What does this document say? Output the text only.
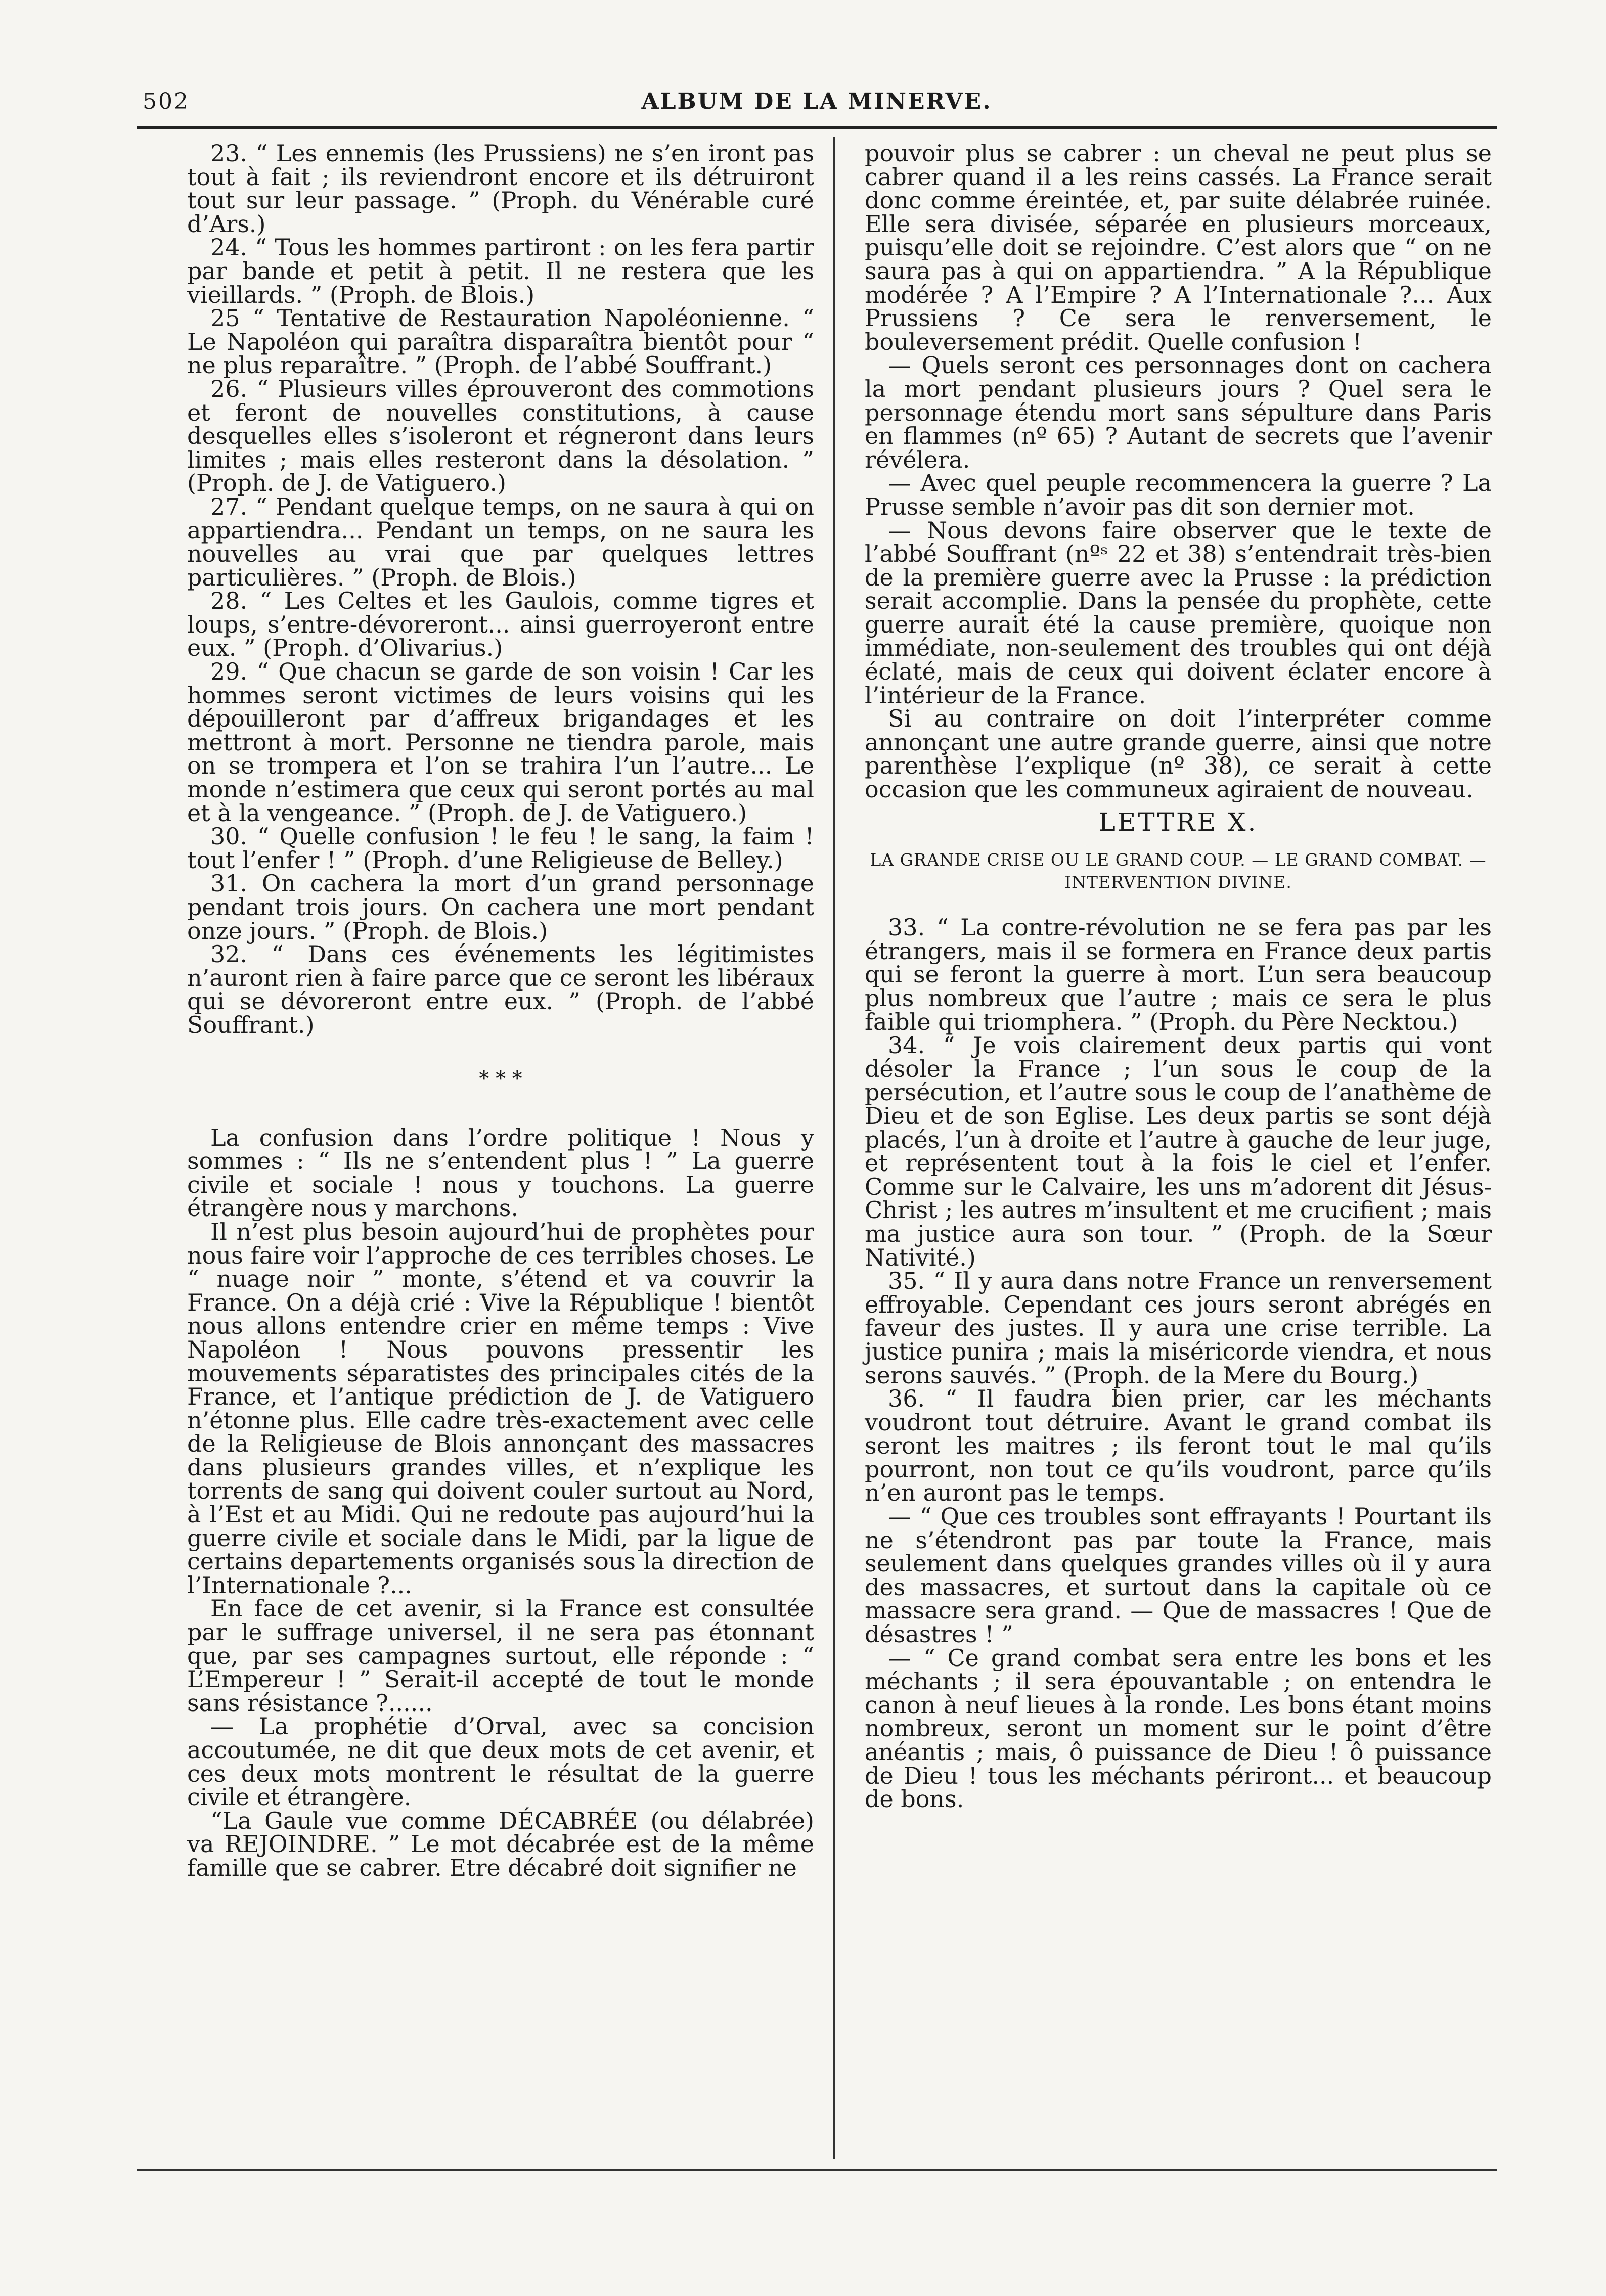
502	ALBUM DE LA MINERVE.

23. “ Les ennemis (les Prussiens) ne s’en iront pas tout à fait ; ils reviendront encore et ils détruiront tout sur leur passage. ” (Proph. du Vénérable curé d’Ars.)

24. “ Tous les hommes partiront : on les fera partir par bande et petit à petit. Il ne restera que les vieillards. ” (Proph. de Blois.)

25 “ Tentative de Restauration Napoléonienne. “ Le Napoléon qui paraîtra disparaîtra bientôt pour “ ne plus reparaître. ” (Proph. de l’abbé Souffrant.)

26. “ Plusieurs villes éprouveront des commotions et feront de nouvelles constitutions, à cause desquelles elles s’isoleront et régneront dans leurs limites ; mais elles resteront dans la désolation. ” (Proph. de J. de Vatiguero.)

27. “ Pendant quelque temps, on ne saura à qui on appartiendra... Pendant un temps, on ne saura les nouvelles au vrai que par quelques lettres particulières. ” (Proph. de Blois.)

28. “ Les Celtes et les Gaulois, comme tigres et loups, s’entre-dévoreront... ainsi guerroyeront entre eux. ” (Proph. d’Olivarius.)

29. “ Que chacun se garde de son voisin ! Car les hommes seront victimes de leurs voisins qui les dépouilleront par d’affreux brigandages et les mettront à mort. Personne ne tiendra parole, mais on se trompera et l’on se trahira l’un l’autre... Le monde n’estimera que ceux qui seront portés au mal et à la vengeance. ” (Proph. de J. de Vatiguero.)

30. “ Quelle confusion ! le feu ! le sang, la faim ! tout l’enfer ! ” (Proph. d’une Religieuse de Belley.)

31. On cachera la mort d’un grand personnage pendant trois jours. On cachera une mort pendant onze jours. ” (Proph. de Blois.)

32. “ Dans ces événements les légitimistes n’auront rien à faire parce que ce seront les libéraux qui se dévoreront entre eux. ” (Proph. de l’abbé Souffrant.)

* * *

La confusion dans l’ordre politique ! Nous y sommes : “ Ils ne s’entendent plus ! ” La guerre civile et sociale ! nous y touchons. La guerre étrangère nous y marchons.

Il n’est plus besoin aujourd’hui de prophètes pour nous faire voir l’approche de ces terribles choses. Le “ nuage noir ” monte, s’étend et va couvrir la France. On a déjà crié : Vive la République ! bientôt nous allons entendre crier en même temps : Vive Napoléon ! Nous pouvons pressentir les mouvements séparatistes des principales cités de la France, et l’antique prédiction de J. de Vatiguero n’étonne plus. Elle cadre très-exactement avec celle de la Religieuse de Blois annonçant des massacres dans plusieurs grandes villes, et n’explique les torrents de sang qui doivent couler surtout au Nord, à l’Est et au Midi. Qui ne redoute pas aujourd’hui la guerre civile et sociale dans le Midi, par la ligue de certains departements organisés sous la direction de l’Internationale ?...

En face de cet avenir, si la France est consultée par le suffrage universel, il ne sera pas étonnant que, par ses campagnes surtout, elle réponde : “ L’Empereur ! ” Serait-il accepté de tout le monde sans résistance ?......

— La prophétie d’Orval, avec sa concision accoutumée, ne dit que deux mots de cet avenir, et ces deux mots montrent le résultat de la guerre civile et étrangère.

“La Gaule vue comme DÉCABRÉE (ou délabrée) va REJOINDRE. ” Le mot décabrée est de la même famille que se cabrer. Etre décabré doit signifier ne

pouvoir plus se cabrer : un cheval ne peut plus se cabrer quand il a les reins cassés. La France serait donc comme éreintée, et, par suite délabrée ruinée. Elle sera divisée, séparée en plusieurs morceaux, puisqu’elle doit se rejoindre. C’est alors que “ on ne saura pas à qui on appartiendra. ” A la République modérée ? A l’Empire ? A l’Internationale ?... Aux Prussiens ? Ce sera le renversement, le bouleversement prédit. Quelle confusion !

— Quels seront ces personnages dont on cachera la mort pendant plusieurs jours ? Quel sera le personnage étendu mort sans sépulture dans Paris en flammes (nº 65) ? Autant de secrets que l’avenir révélera.

— Avec quel peuple recommencera la guerre ? La Prusse semble n’avoir pas dit son dernier mot.

— Nous devons faire observer que le texte de l’abbé Souffrant (nºˢ 22 et 38) s’entendrait très-bien de la première guerre avec la Prusse : la prédiction serait accomplie. Dans la pensée du prophète, cette guerre aurait été la cause première, quoique non immédiate, non-seulement des troubles qui ont déjà éclaté, mais de ceux qui doivent éclater encore à l’intérieur de la France.

Si au contraire on doit l’interpréter comme annonçant une autre grande guerre, ainsi que notre parenthèse l’explique (nº 38), ce serait à cette occasion que les communeux agiraient de nouveau.

LETTRE X.
LA GRANDE CRISE OU LE GRAND COUP. — LE GRAND COMBAT. — INTERVENTION DIVINE.

33. “ La contre-révolution ne se fera pas par les étrangers, mais il se formera en France deux partis qui se feront la guerre à mort. L’un sera beaucoup plus nombreux que l’autre ; mais ce sera le plus faible qui triomphera. ” (Proph. du Père Necktou.)

34. “ Je vois clairement deux partis qui vont désoler la France ; l’un sous le coup de la persécution, et l’autre sous le coup de l’anathème de Dieu et de son Eglise. Les deux partis se sont déjà placés, l’un à droite et l’autre à gauche de leur juge, et représentent tout à la fois le ciel et l’enfer. Comme sur le Calvaire, les uns m’adorent dit Jésus-Christ ; les autres m’insultent et me crucifient ; mais ma justice aura son tour. ” (Proph. de la Sœur Nativité.)

35. “ Il y aura dans notre France un renversement effroyable. Cependant ces jours seront abrégés en faveur des justes. Il y aura une crise terrible. La justice punira ; mais la miséricorde viendra, et nous serons sauvés. ” (Proph. de la Mere du Bourg.)

36. “ Il faudra bien prier, car les méchants voudront tout détruire. Avant le grand combat ils seront les maitres ; ils feront tout le mal qu’ils pourront, non tout ce qu’ils voudront, parce qu’ils n’en auront pas le temps.

— “ Que ces troubles sont effrayants ! Pourtant ils ne s’étendront pas par toute la France, mais seulement dans quelques grandes villes où il y aura des massacres, et surtout dans la capitale où ce massacre sera grand. — Que de massacres ! Que de désastres ! ”

— “ Ce grand combat sera entre les bons et les méchants ; il sera épouvantable ; on entendra le canon à neuf lieues à la ronde. Les bons étant moins nombreux, seront un moment sur le point d’être anéantis ; mais, ô puissance de Dieu ! ô puissance de Dieu ! tous les méchants périront... et beaucoup de bons.
